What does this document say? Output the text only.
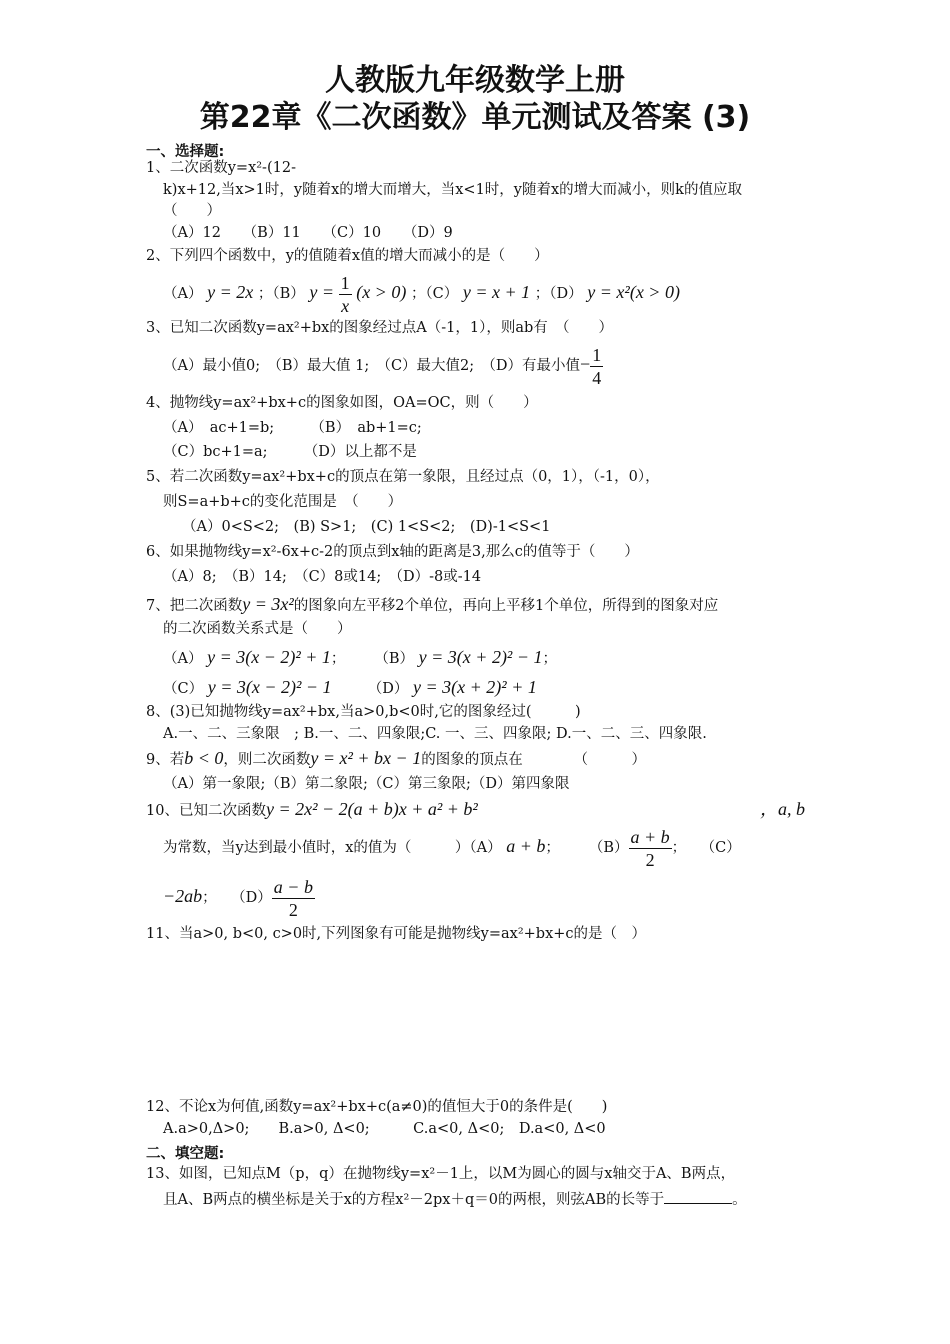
人教版九年级数学上册
第22章《二次函数》单元测试及答案 (3)
一、选择题:
1、二次函数y=x²-(12-
k)x+12,当x>1时，y随着x的增大而增大，当x<1时，y随着x的增大而减小，则k的值应取
（　　）
（A）12　　（B）11　　（C）10　　（D）9
2、下列四个函数中，y的值随着x值的增大而减小的是（　　）
（A） y = 2x ；（B） $y = \frac{1}{x} (x > 0)$ ；（C） y = x + 1 ；（D） y = x²(x > 0)
3、已知二次函数y=ax²+bx的图象经过点A（-1，1），则ab有　（　　）
（A）最小值0;　（B）最大值 1;　（C）最大值2;　（D）有最小值− $\frac{1}{4}$
4、抛物线y=ax²+bx+c的图象如图，OA=OC，则（　　）
（A）　ac+1=b;　　　（B）　ab+1=c;
（C）bc+1=a;　　　（D）以上都不是
5、若二次函数y=ax²+bx+c的顶点在第一象限，且经过点（0，1），（-1，0），
则S=a+b+c的变化范围是　（　　）
（A）0<S<2;　(B) S>1;　(C) 1<S<2;　(D)-1<S<1
6、如果抛物线y=x²-6x+c-2的顶点到x轴的距离是3,那么c的值等于（　　）
（A）8;　（B）14;　（C）8或14;　（D）-8或-14
7、把二次函数y = 3x²的图象向左平移2个单位，再向上平移1个单位，所得到的图象对应
的二次函数关系式是（　　）
（A） y = 3(x − 2)² + 1；　　　（B） y = 3(x + 2)² − 1；
（C） y = 3(x − 2)² − 1　　　	（D） y = 3(x + 2)² + 1
8、(3)已知抛物线y=ax²+bx,当a>0,b<0时,它的图象经过(　　　)
A.一、二、三象限　; B.一、二、四象限;C. 一、三、四象限; D.一、二、三、四象限.
9、若b < 0，则二次函数y = x² + bx − 1的图象的顶点在　　　　（　　　）
（A）第一象限;（B）第二象限;（C）第三象限;（D）第四象限
10、已知二次函数y = 2x² − 2(a + b)x + a² + b²	，a, b
为常数，当y达到最小值时，x的值为（　　　）（A） a + b；　　　$(B) \frac{a + b}{2}$ ；　　（C）
−2ab；　　$(D) \frac{a - b}{2}$
11、当a>0, b<0, c>0时,下列图象有可能是抛物线y=ax²+bx+c的是（　）
12、不论x为何值,函数y=ax²+bx+c(a≠0)的值恒大于0的条件是(　　)
A.a>0,Δ>0;　　B.a>0, Δ<0;　　　C.a<0, Δ<0;　D.a<0, Δ<0
二、填空题:
13、如图，已知点M（p，q）在抛物线y=x²－1上，以M为圆心的圆与x轴交于A、B两点，
且A、B两点的横坐标是关于x的方程x²－2px＋q＝0的两根，则弦AB的长等于	。
